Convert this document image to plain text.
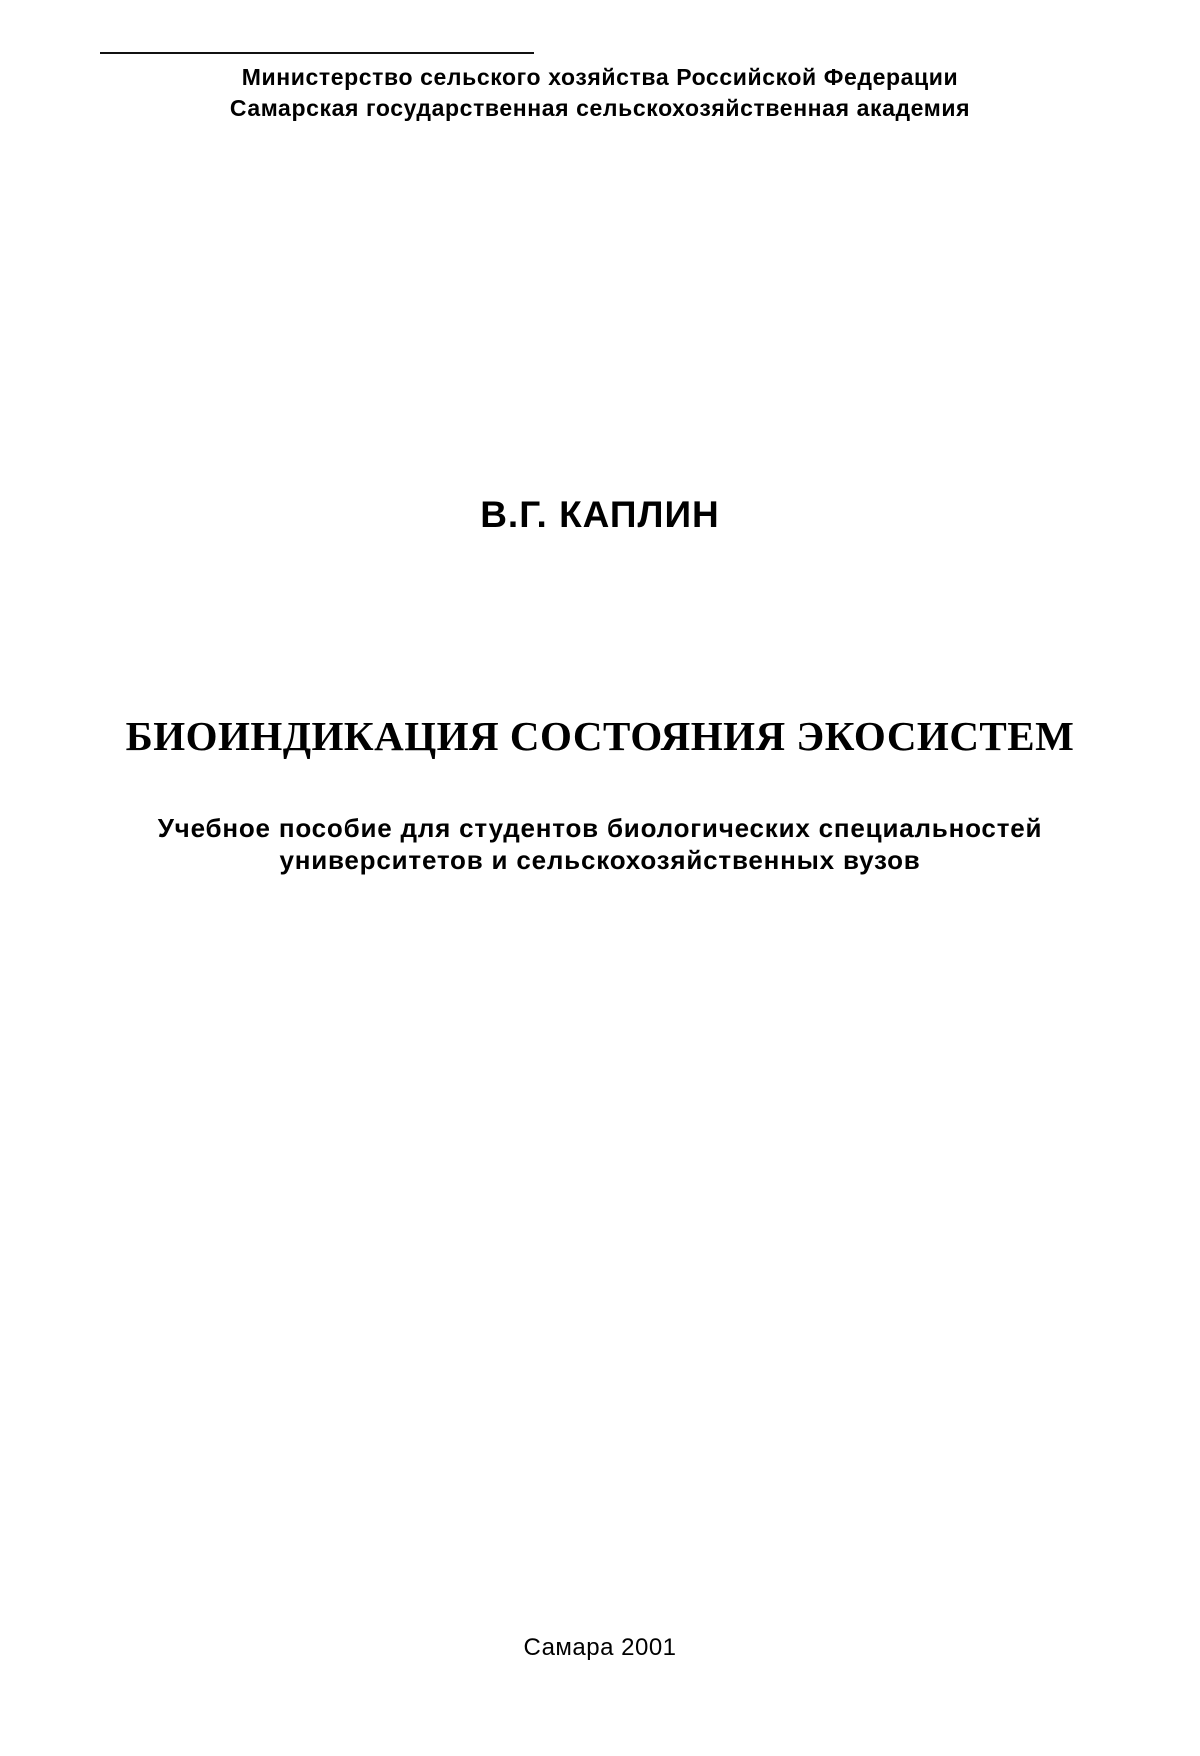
Министерство сельского хозяйства Российской Федерации
Самарская государственная сельскохозяйственная академия
В.Г. КАПЛИН
БИОИНДИКАЦИЯ СОСТОЯНИЯ ЭКОСИСТЕМ
Учебное пособие для студентов биологических специальностей
университетов и сельскохозяйственных вузов
Самара 2001
